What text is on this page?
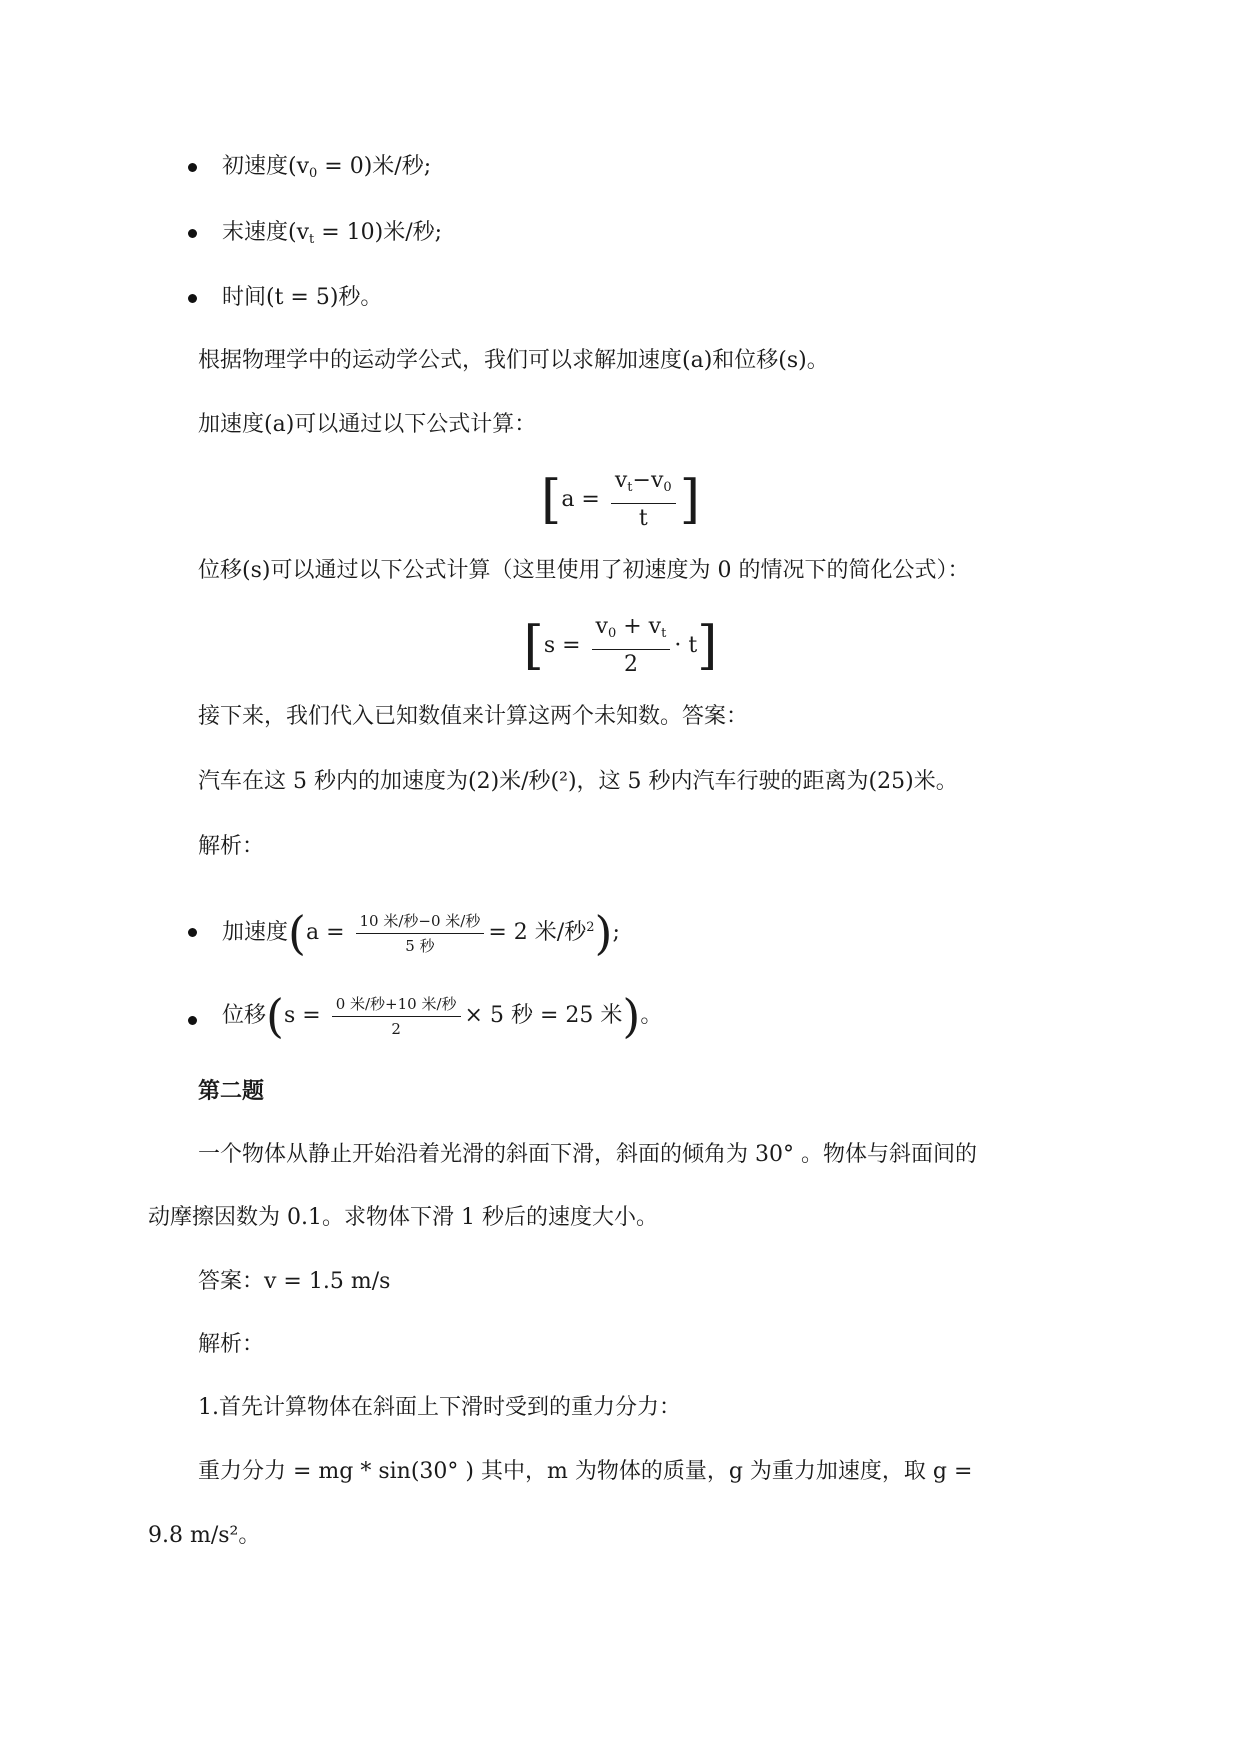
初速度$(v_0 = 0)$米/秒;
末速度$(v_t = 10)$米/秒;
时间(t = 5)秒。
根据物理学中的运动学公式，我们可以求解加速度(a)和位移(s)。
加速度(a)可以通过以下公式计算：
[$a = \frac{v_t-v_0}{t}$ ]
位移(s)可以通过以下公式计算（这里使用了初速度为 0 的情况下的简化公式）：
$[s = \frac{v_0 + v_t}{2} \cdot t]$
接下来，我们代入已知数值来计算这两个未知数。答案：
汽车在这 5 秒内的加速度为(2)米/秒(²)，这 5 秒内汽车行驶的距离为(25)米。
解析：
加速度($a = \frac{\text{10 米/秒−0 米/秒}}{\text{5 秒}} = 2$ 米/秒$^2$);
位移($s = \frac{\text{0 米/秒+10 米/秒}}{2} \times 5$ 秒 = 25 米)。
第二题
一个物体从静止开始沿着光滑的斜面下滑，斜面的倾角为 30° 。物体与斜面间的
动摩擦因数为 0.1。求物体下滑 1 秒后的速度大小。
答案：v = 1.5 m/s
解析：
1.首先计算物体在斜面上下滑时受到的重力分力：
重力分力 = mg * sin(30° ) 其中，m 为物体的质量，g 为重力加速度，取 g =
9.8 m/s²。
